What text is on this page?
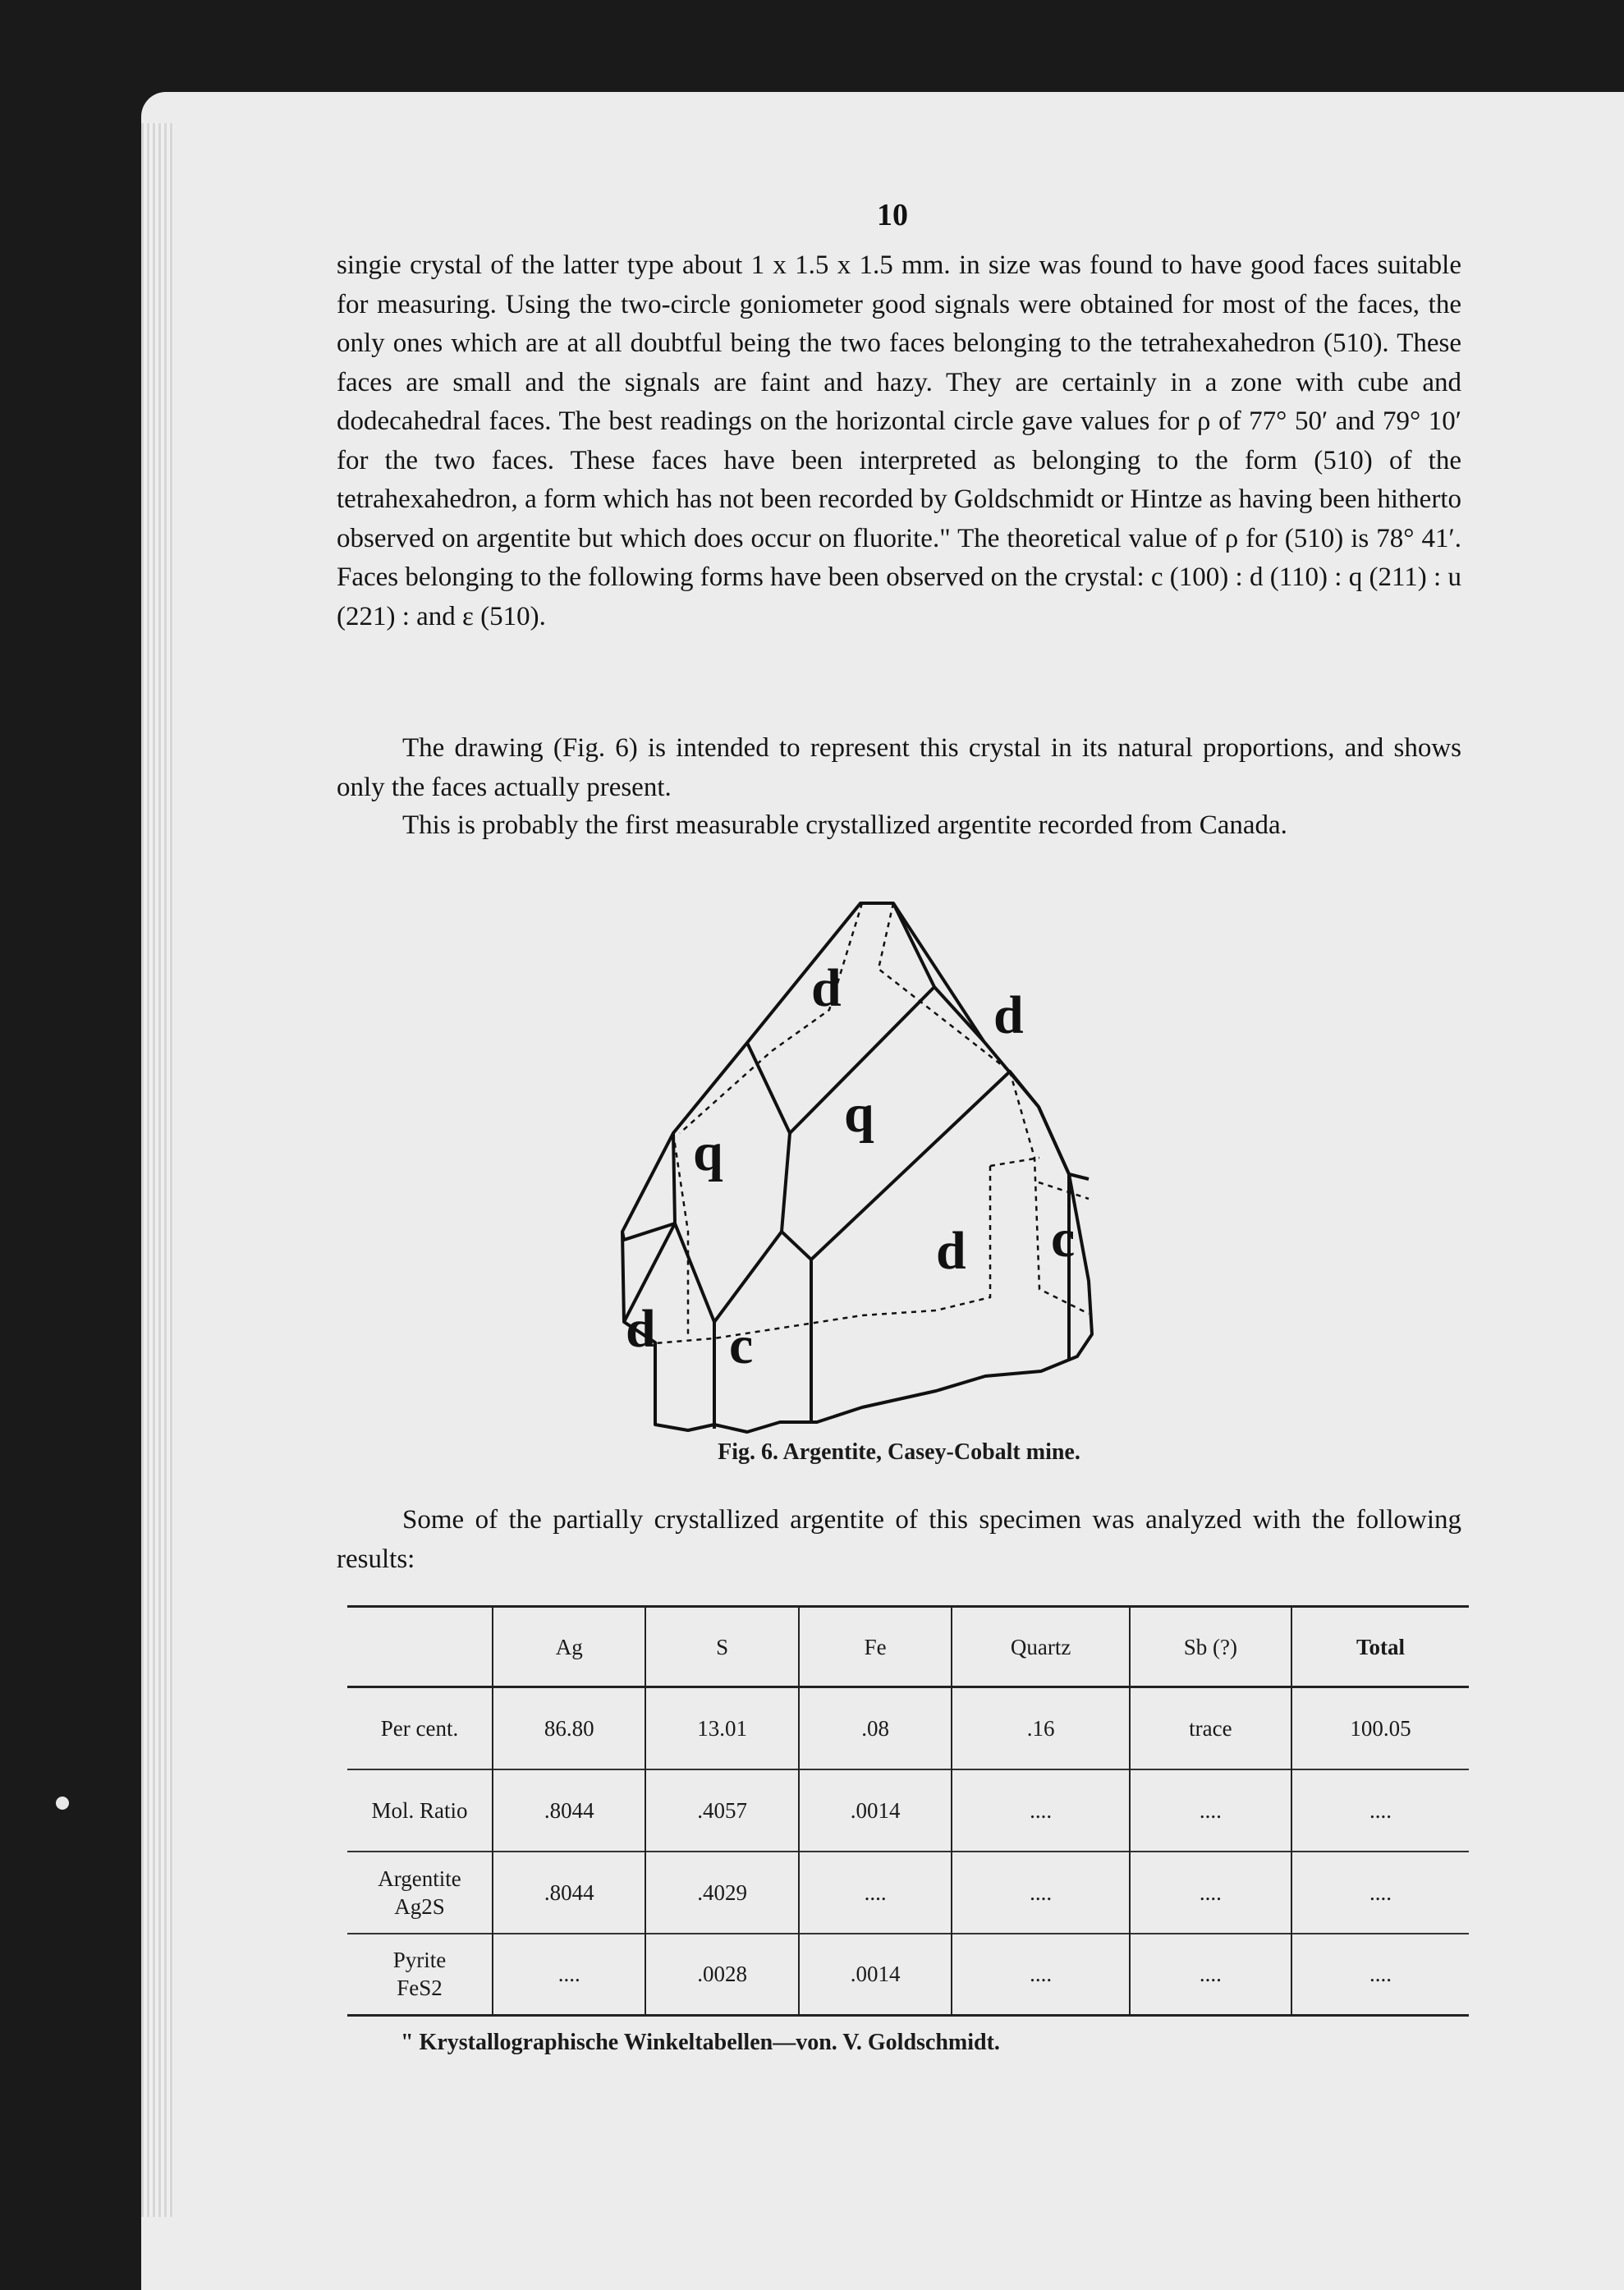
10

singie crystal of the latter type about 1 x 1.5 x 1.5 mm. in size was found to have good faces suitable for measuring. Using the two-circle goniometer good signals were obtained for most of the faces, the only ones which are at all doubtful being the two faces belonging to the tetrahexahedron (510). These faces are small and the signals are faint and hazy. They are certainly in a zone with cube and dodecahedral faces. The best readings on the horizontal circle gave values for ρ of 77° 50′ and 79° 10′ for the two faces. These faces have been interpreted as belonging to the form (510) of the tetrahexahedron, a form which has not been recorded by Goldschmidt or Hintze as having been hitherto observed on argentite but which does occur on fluorite." The theoretical value of ρ for (510) is 78° 41′. Faces belonging to the following forms have been observed on the crystal: c (100) : d (110) : q (211) : u (221) : and ε (510).

The drawing (Fig. 6) is intended to represent this crystal in its natural proportions, and shows only the faces actually present.

This is probably the first measurable crystallized argentite recorded from Canada.

d	d
q
q
d c
d c
Fig. 6. Argentite, Casey-Cobalt mine.

Some of the partially crystallized argentite of this specimen was analyzed with the following results:

	Ag	S	Fe	Quartz	Sb (?)	Total
Per cent.	86.80	13.01	.08	.16	trace	100.05
Mol. Ratio	.8044	.4057	.0014	....	....	....

Argentite
Ag2S	.8044	.4029	....	....	....	....

Pyrite
FeS2	....	.0028	.0014	....	....	....
" Krystallographische Winkeltabellen—von. V. Goldschmidt.
